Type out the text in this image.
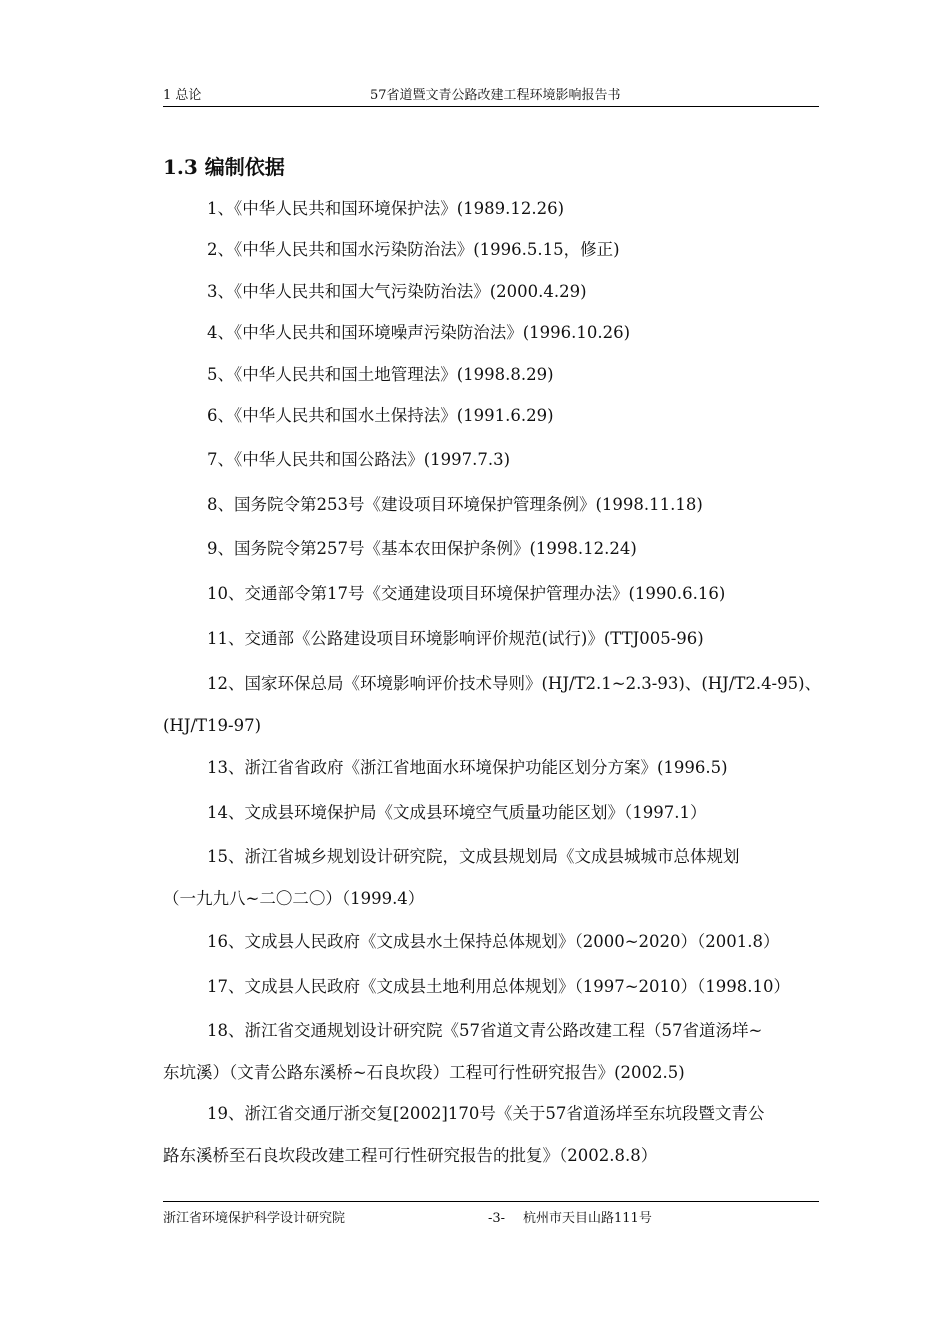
1 总论	57省道暨文青公路改建工程环境影响报告书
1.3 编制依据
1、《中华人民共和国环境保护法》(1989.12.26)
2、《中华人民共和国水污染防治法》(1996.5.15，修正)
3、《中华人民共和国大气污染防治法》(2000.4.29)
4、《中华人民共和国环境噪声污染防治法》(1996.10.26)
5、《中华人民共和国土地管理法》(1998.8.29)
6、《中华人民共和国水土保持法》(1991.6.29)
7、《中华人民共和国公路法》(1997.7.3)
8、国务院令第253号《建设项目环境保护管理条例》(1998.11.18)
9、国务院令第257号《基本农田保护条例》(1998.12.24)
10、交通部令第17号《交通建设项目环境保护管理办法》(1990.6.16)
11、交通部《公路建设项目环境影响评价规范(试行)》(TTJ005-96)
12、国家环保总局《环境影响评价技术导则》(HJ/T2.1~2.3-93)、(HJ/T2.4-95)、
(HJ/T19-97)
13、浙江省省政府《浙江省地面水环境保护功能区划分方案》(1996.5)
14、文成县环境保护局《文成县环境空气质量功能区划》（1997.1）
15、浙江省城乡规划设计研究院，文成县规划局《文成县城城市总体规划
（一九九八~二〇二〇）（1999.4）
16、文成县人民政府《文成县水土保持总体规划》（2000~2020）（2001.8）
17、文成县人民政府《文成县土地利用总体规划》（1997~2010）（1998.10）
18、浙江省交通规划设计研究院《57省道文青公路改建工程（57省道汤垟~
东坑溪）（文青公路东溪桥~石良坎段）工程可行性研究报告》(2002.5)
19、浙江省交通厅浙交复[2002]170号《关于57省道汤垟至东坑段暨文青公
路东溪桥至石良坎段改建工程可行性研究报告的批复》（2002.8.8）
浙江省环境保护科学设计研究院	-3- 杭州市天目山路111号
